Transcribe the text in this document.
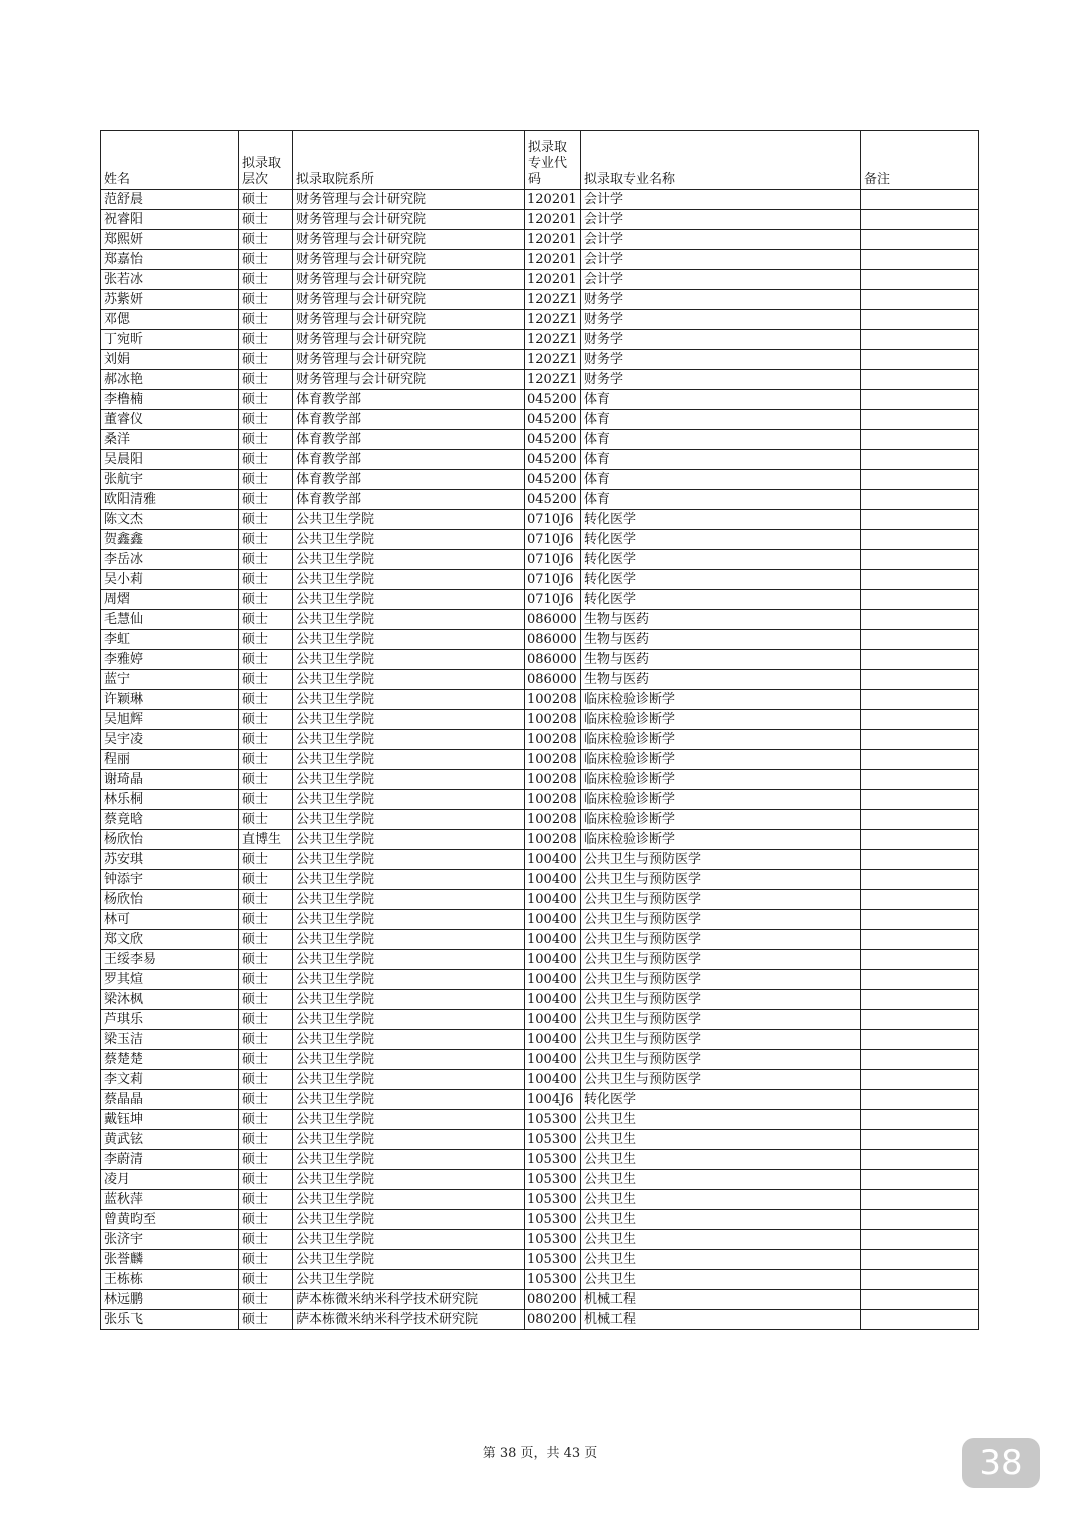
姓名	拟录取层次	拟录取院系所	拟录取专业代码	拟录取专业名称	备注
范舒晨	硕士	财务管理与会计研究院	120201	会计学	
祝睿阳	硕士	财务管理与会计研究院	120201	会计学	
郑熙妍	硕士	财务管理与会计研究院	120201	会计学	
郑嘉怡	硕士	财务管理与会计研究院	120201	会计学	
张若冰	硕士	财务管理与会计研究院	120201	会计学	
苏紫妍	硕士	财务管理与会计研究院	1202Z1	财务学	
邓偲	硕士	财务管理与会计研究院	1202Z1	财务学	
丁宛昕	硕士	财务管理与会计研究院	1202Z1	财务学	
刘娟	硕士	财务管理与会计研究院	1202Z1	财务学	
郝冰艳	硕士	财务管理与会计研究院	1202Z1	财务学	
李橹楠	硕士	体育教学部	045200	体育	
董睿仪	硕士	体育教学部	045200	体育	
桑洋	硕士	体育教学部	045200	体育	
吴晨阳	硕士	体育教学部	045200	体育	
张航宇	硕士	体育教学部	045200	体育	
欧阳清雅	硕士	体育教学部	045200	体育	
陈文杰	硕士	公共卫生学院	0710J6	转化医学	
贺鑫鑫	硕士	公共卫生学院	0710J6	转化医学	
李岳冰	硕士	公共卫生学院	0710J6	转化医学	
吴小莉	硕士	公共卫生学院	0710J6	转化医学	
周熠	硕士	公共卫生学院	0710J6	转化医学	
毛慧仙	硕士	公共卫生学院	086000	生物与医药	
李虹	硕士	公共卫生学院	086000	生物与医药	
李雅婷	硕士	公共卫生学院	086000	生物与医药	
蓝宁	硕士	公共卫生学院	086000	生物与医药	
许颖琳	硕士	公共卫生学院	100208	临床检验诊断学	
吴旭辉	硕士	公共卫生学院	100208	临床检验诊断学	
吴宇凌	硕士	公共卫生学院	100208	临床检验诊断学	
程丽	硕士	公共卫生学院	100208	临床检验诊断学	
谢琦晶	硕士	公共卫生学院	100208	临床检验诊断学	
林乐桐	硕士	公共卫生学院	100208	临床检验诊断学	
蔡竟晗	硕士	公共卫生学院	100208	临床检验诊断学	
杨欣怡	直博生	公共卫生学院	100208	临床检验诊断学	
苏安琪	硕士	公共卫生学院	100400	公共卫生与预防医学	
钟添宇	硕士	公共卫生学院	100400	公共卫生与预防医学	
杨欣怡	硕士	公共卫生学院	100400	公共卫生与预防医学	
林可	硕士	公共卫生学院	100400	公共卫生与预防医学	
郑文欣	硕士	公共卫生学院	100400	公共卫生与预防医学	
王绥李易	硕士	公共卫生学院	100400	公共卫生与预防医学	
罗其煊	硕士	公共卫生学院	100400	公共卫生与预防医学	
梁沐枫	硕士	公共卫生学院	100400	公共卫生与预防医学	
芦琪乐	硕士	公共卫生学院	100400	公共卫生与预防医学	
梁玉洁	硕士	公共卫生学院	100400	公共卫生与预防医学	
蔡楚楚	硕士	公共卫生学院	100400	公共卫生与预防医学	
李文莉	硕士	公共卫生学院	100400	公共卫生与预防医学	
蔡晶晶	硕士	公共卫生学院	1004J6	转化医学	
戴钰坤	硕士	公共卫生学院	105300	公共卫生	
黄武铉	硕士	公共卫生学院	105300	公共卫生	
李蔚清	硕士	公共卫生学院	105300	公共卫生	
凌月	硕士	公共卫生学院	105300	公共卫生	
蓝秋萍	硕士	公共卫生学院	105300	公共卫生	
曾黄昀至	硕士	公共卫生学院	105300	公共卫生	
张济宇	硕士	公共卫生学院	105300	公共卫生	
张誉麟	硕士	公共卫生学院	105300	公共卫生	
王栋栋	硕士	公共卫生学院	105300	公共卫生	
林远鹏	硕士	萨本栋微米纳米科学技术研究院	080200	机械工程	
张乐飞	硕士	萨本栋微米纳米科学技术研究院	080200	机械工程	
第 38 页，共 43 页	38
